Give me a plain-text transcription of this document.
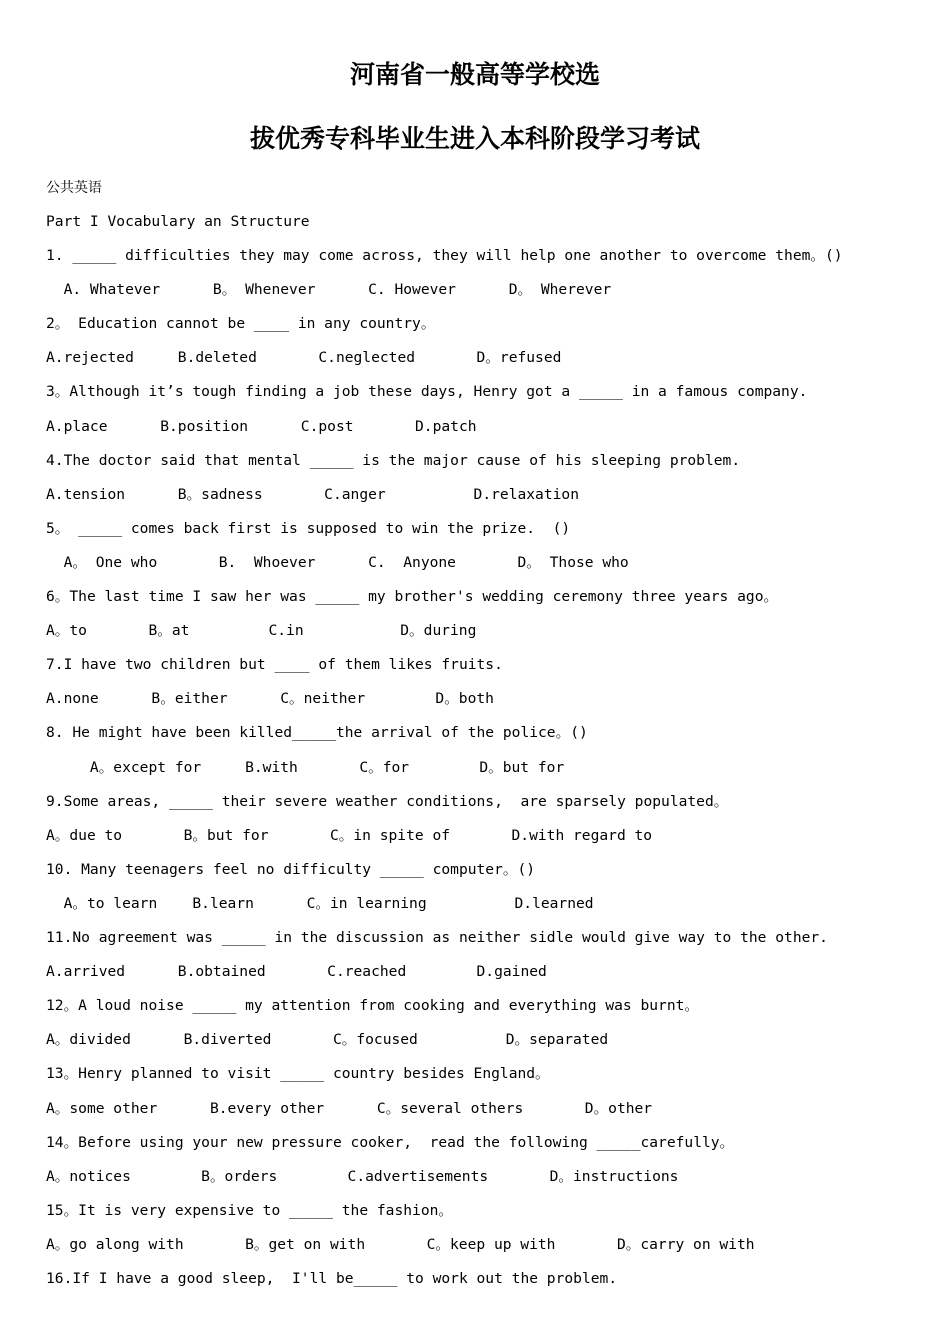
河南省一般高等学校选
拔优秀专科毕业生进入本科阶段学习考试
公共英语
Part I Vocabulary an Structure
1. _____ difficulties they may come across, they will help one another to overcome them。()
A. Whatever      B。 Whenever      C. However      D。 Wherever
2。 Education cannot be ____ in any country。
A.rejected     B.deleted       C.neglected       D。refused
3。Although it’s tough finding a job these days, Henry got a _____ in a famous company.
A.place      B.position      C.post       D.patch
4.The doctor said that mental _____ is the major cause of his sleeping problem.
A.tension      B。sadness       C.anger          D.relaxation
5。 _____ comes back first is supposed to win the prize.  ()
A。 One who       B.  Whoever      C.  Anyone       D。 Those who
6。The last time I saw her was _____ my brother's wedding ceremony three years ago。
A。to       B。at         C.in           D。during
7.I have two children but ____ of them likes fruits.
A.none      B。either      C。neither        D。both
8. He might have been killed_____the arrival of the police。()
A。except for     B.with       C。for        D。but for
9.Some areas, _____ their severe weather conditions,  are sparsely populated。
A。due to       B。but for       C。in spite of       D.with regard to
10. Many teenagers feel no difficulty _____ computer。()
A。to learn    B.learn      C。in learning          D.learned
11.No agreement was _____ in the discussion as neither sidle would give way to the other.
A.arrived      B.obtained       C.reached        D.gained
12。A loud noise _____ my attention from cooking and everything was burnt。
A。divided      B.diverted       C。focused          D。separated
13。Henry planned to visit _____ country besides England。
A。some other      B.every other      C。several others       D。other
14。Before using your new pressure cooker,  read the following _____carefully。
A。notices        B。orders        C.advertisements       D。instructions
15。It is very expensive to _____ the fashion。
A。go along with       B。get on with       C。keep up with       D。carry on with
16.If I have a good sleep,  I'll be_____ to work out the problem.
